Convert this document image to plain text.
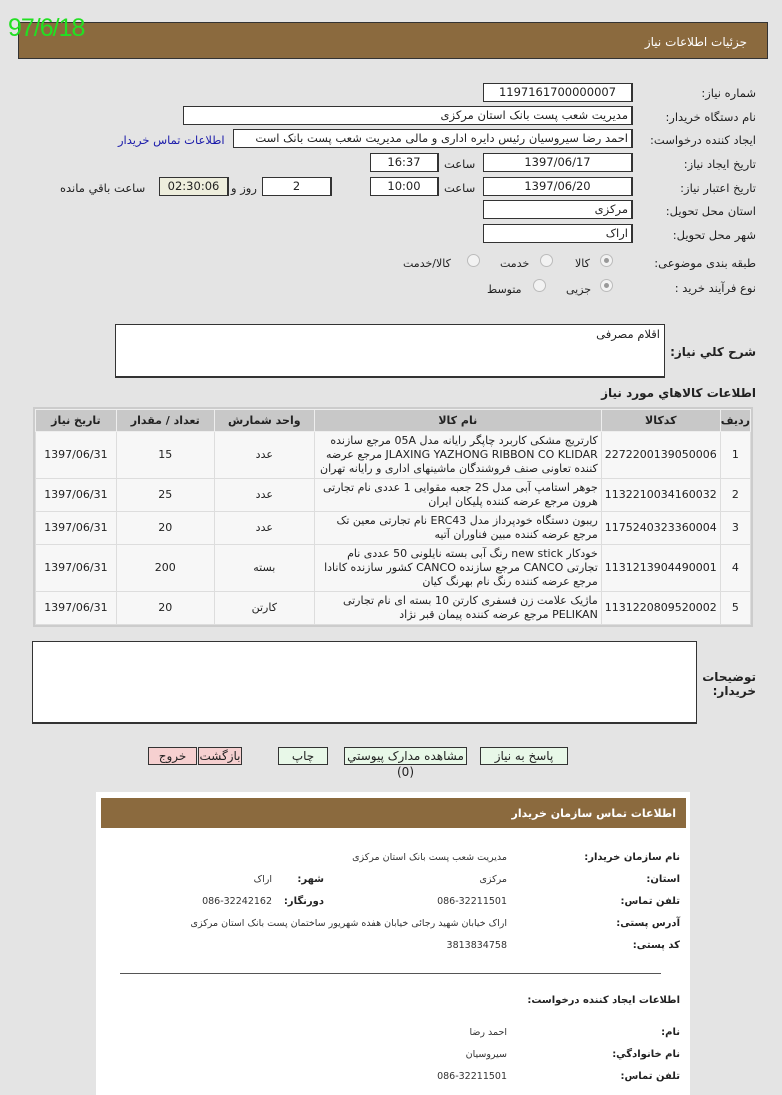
97/6/18	جزئیات اطلاعات نیاز
شماره نیاز:
1197161700000007
نام دستگاه خریدار:
مدیریت شعب پست بانک استان مرکزی
ایجاد کننده درخواست:
احمد رضا سیروسیان رئیس دایره اداری و مالی مدیریت شعب پست بانک است
اطلاعات تماس خریدار
تاریخ ایجاد نیاز:
1397/06/17
ساعت
16:37
تاریخ اعتبار نیاز:
1397/06/20
ساعت
10:00
2
روز و
02:30:06
ساعت باقي مانده
استان محل تحویل:
مرکزی
شهر محل تحویل:
اراک
طبقه بندی موضوعی:
کالا
خدمت
کالا/خدمت
نوع فرآیند خرید :
جزیی
متوسط
شرح کلي نياز:
اقلام مصرفی
اطلاعات کالاهاي مورد نياز
رديف	کدکالا	نام کالا	واحد شمارش	تعداد / مقدار	تاريخ نياز
1	2272200139050006	کارتریج مشکی کاربرد چاپگر رایانه مدل 05A مرجع سازنده JLAXING YAZHONG RIBBON CO KLIDAR مرجع عرضه کننده تعاونی صنف فروشندگان ماشینهای اداری و رایانه تهران	عدد	15	1397/06/31
2	1132210034160032	جوهر استامپ آبی مدل 2S جعبه مقوایی 1 عددی نام تجارتی هرون مرجع عرضه کننده پلیکان ایران	عدد	25	1397/06/31
3	1175240323360004	ریبون دستگاه خودپرداز مدل ERC43 نام تجارتی معین تک مرجع عرضه کننده مبین فناوران آتیه	عدد	20	1397/06/31
4	1131213904490001	خودکار new stick رنگ آبی بسته نایلونی 50 عددی نام تجارتی CANCO مرجع سازنده CANCO کشور سازنده کانادا مرجع عرضه کننده رنگ نام بهرنگ کیان	بسته	200	1397/06/31
5	1131220809520002	ماژیک علامت زن فسفری کارتن 10 بسته ای نام تجارتی PELIKAN مرجع عرضه کننده پیمان قبر نژاد	کارتن	20	1397/06/31
توضیحات خریدار:
پاسخ به نیاز
مشاهده مدارک پیوستي (0)
چاپ
بازگشت
خروج
اطلاعات تماس سازمان خریدار
نام سازمان خریدار:
مدیریت شعب پست بانک استان مرکزی
استان:
مرکزی
شهر:
اراک
تلفن تماس:
086-32211501
دورنگار:
086-32242162
آدرس پستی:
اراک خیابان شهید رجائی خیابان هفده شهریور ساختمان پست بانک استان مرکزی
کد پستی:
3813834758
اطلاعات ایجاد کننده درخواست:
نام:
احمد رضا
نام خانوادگي:
سیروسیان
تلفن تماس:
086-32211501
